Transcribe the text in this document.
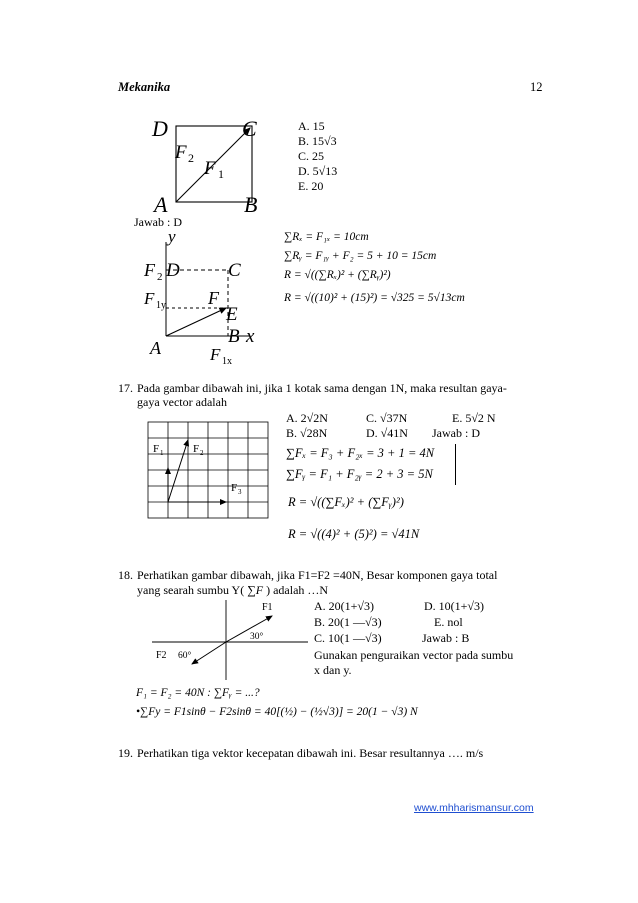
Mekanika	12
D	C
A	B
F 2 F 1
A. 15
B. 15√3
C. 25
D. 5√13
E. 20
Jawab : D
y
F 2 D	C
F 1y F
E
B x
A	F 1x
∑Rₓ = F₁ₓ = 10cm
∑Rᵧ = F₁ᵧ + F₂ = 5 + 10 = 15cm
R = √((∑Rₓ)² + (∑Rᵧ)²)
R = √((10)² + (15)²) = √325 = 5√13cm
17. Pada gambar dibawah ini, jika 1 kotak sama dengan 1N, maka resultan gaya-
gaya vector adalah
A. 2√2N	C. √37N	E. 5√2 N
B. √28N	D. √41N Jawab : D
F 1	F 2
F 3
∑Fₓ = F₃ + F₂ₓ = 3 + 1 = 4N
∑Fᵧ = F₁ + F₂ᵧ = 2 + 3 = 5N
R = √((∑Fₓ)² + (∑Fᵧ)²)
R = √((4)² + (5)²) = √41N
18. Perhatikan gambar dibawah, jika F1=F2 =40N, Besar komponen gaya total
yang searah sumbu Y( ∑F ) adalah …N
F1
30°
F2 60°
A. 20(1+√3)	D. 10(1+√3)
B. 20(1 —√3)	E. nol
C. 10(1 —√3)	Jawab : B
Gunakan penguraikan vector pada sumbu
x dan y.
F₁ = F₂ = 40N : ∑Fᵧ = ...?
•∑Fy = F1sinθ − F2sinθ = 40[(½) − (½√3)] = 20(1 − √3) N
19. Perhatikan tiga vektor kecepatan dibawah ini. Besar resultannya …. m/s
www.mhharismansur.com
